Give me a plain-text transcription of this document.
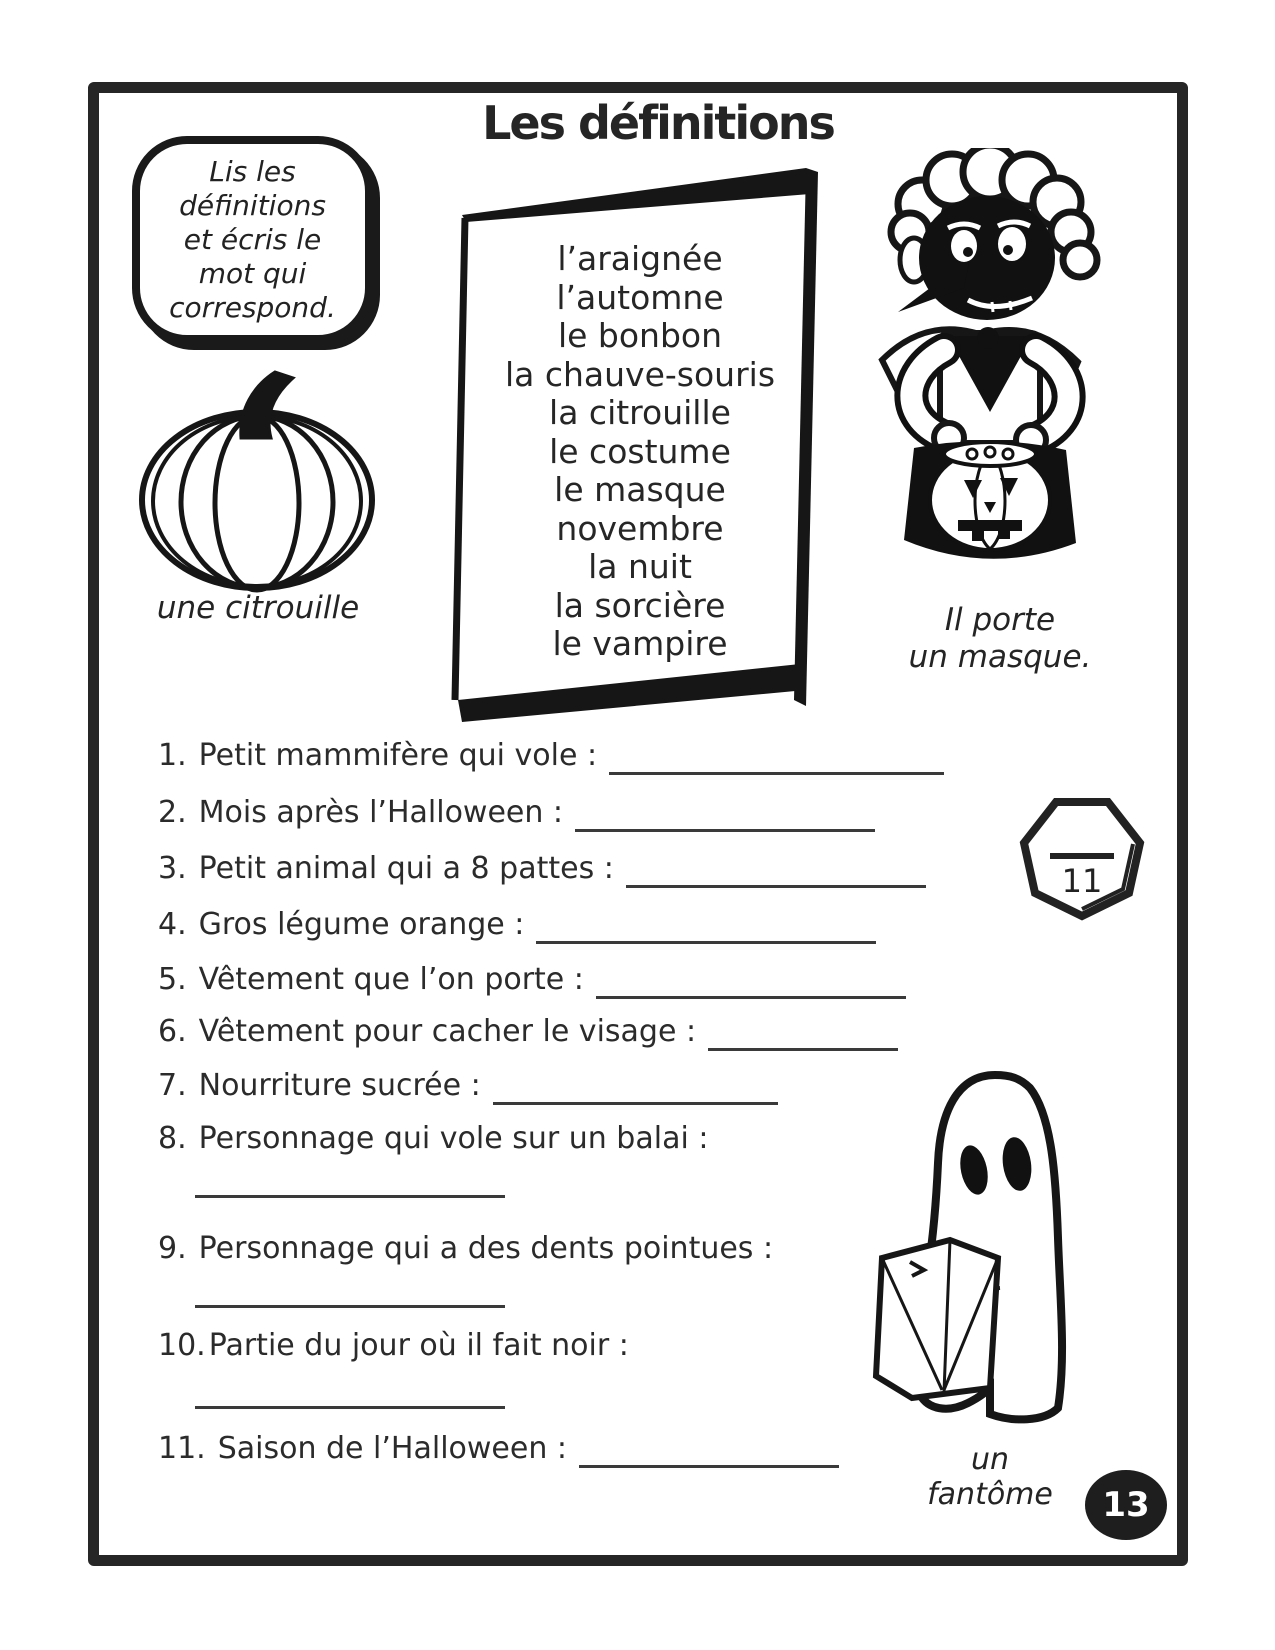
Les définitions
Lis les
définitions
et écris le
mot qui
correspond.
une citrouille
l’araignée
l’automne
le bonbon
la chauve-souris
la citrouille
le costume
le masque
novembre
la nuit
la sorcière
le vampire
Il porte
un masque.
1. Petit mammifère qui vole :
2. Mois après l’Halloween :
3. Petit animal qui a 8 pattes :
4. Gros légume orange :
5. Vêtement que l’on porte :
6. Vêtement pour cacher le visage :
7. Nourriture sucrée :
8. Personnage qui vole sur un balai :
9. Personnage qui a des dents pointues :
10. Partie du jour où il fait noir :
11. Saison de l’Halloween :
11
un
fantôme	13
